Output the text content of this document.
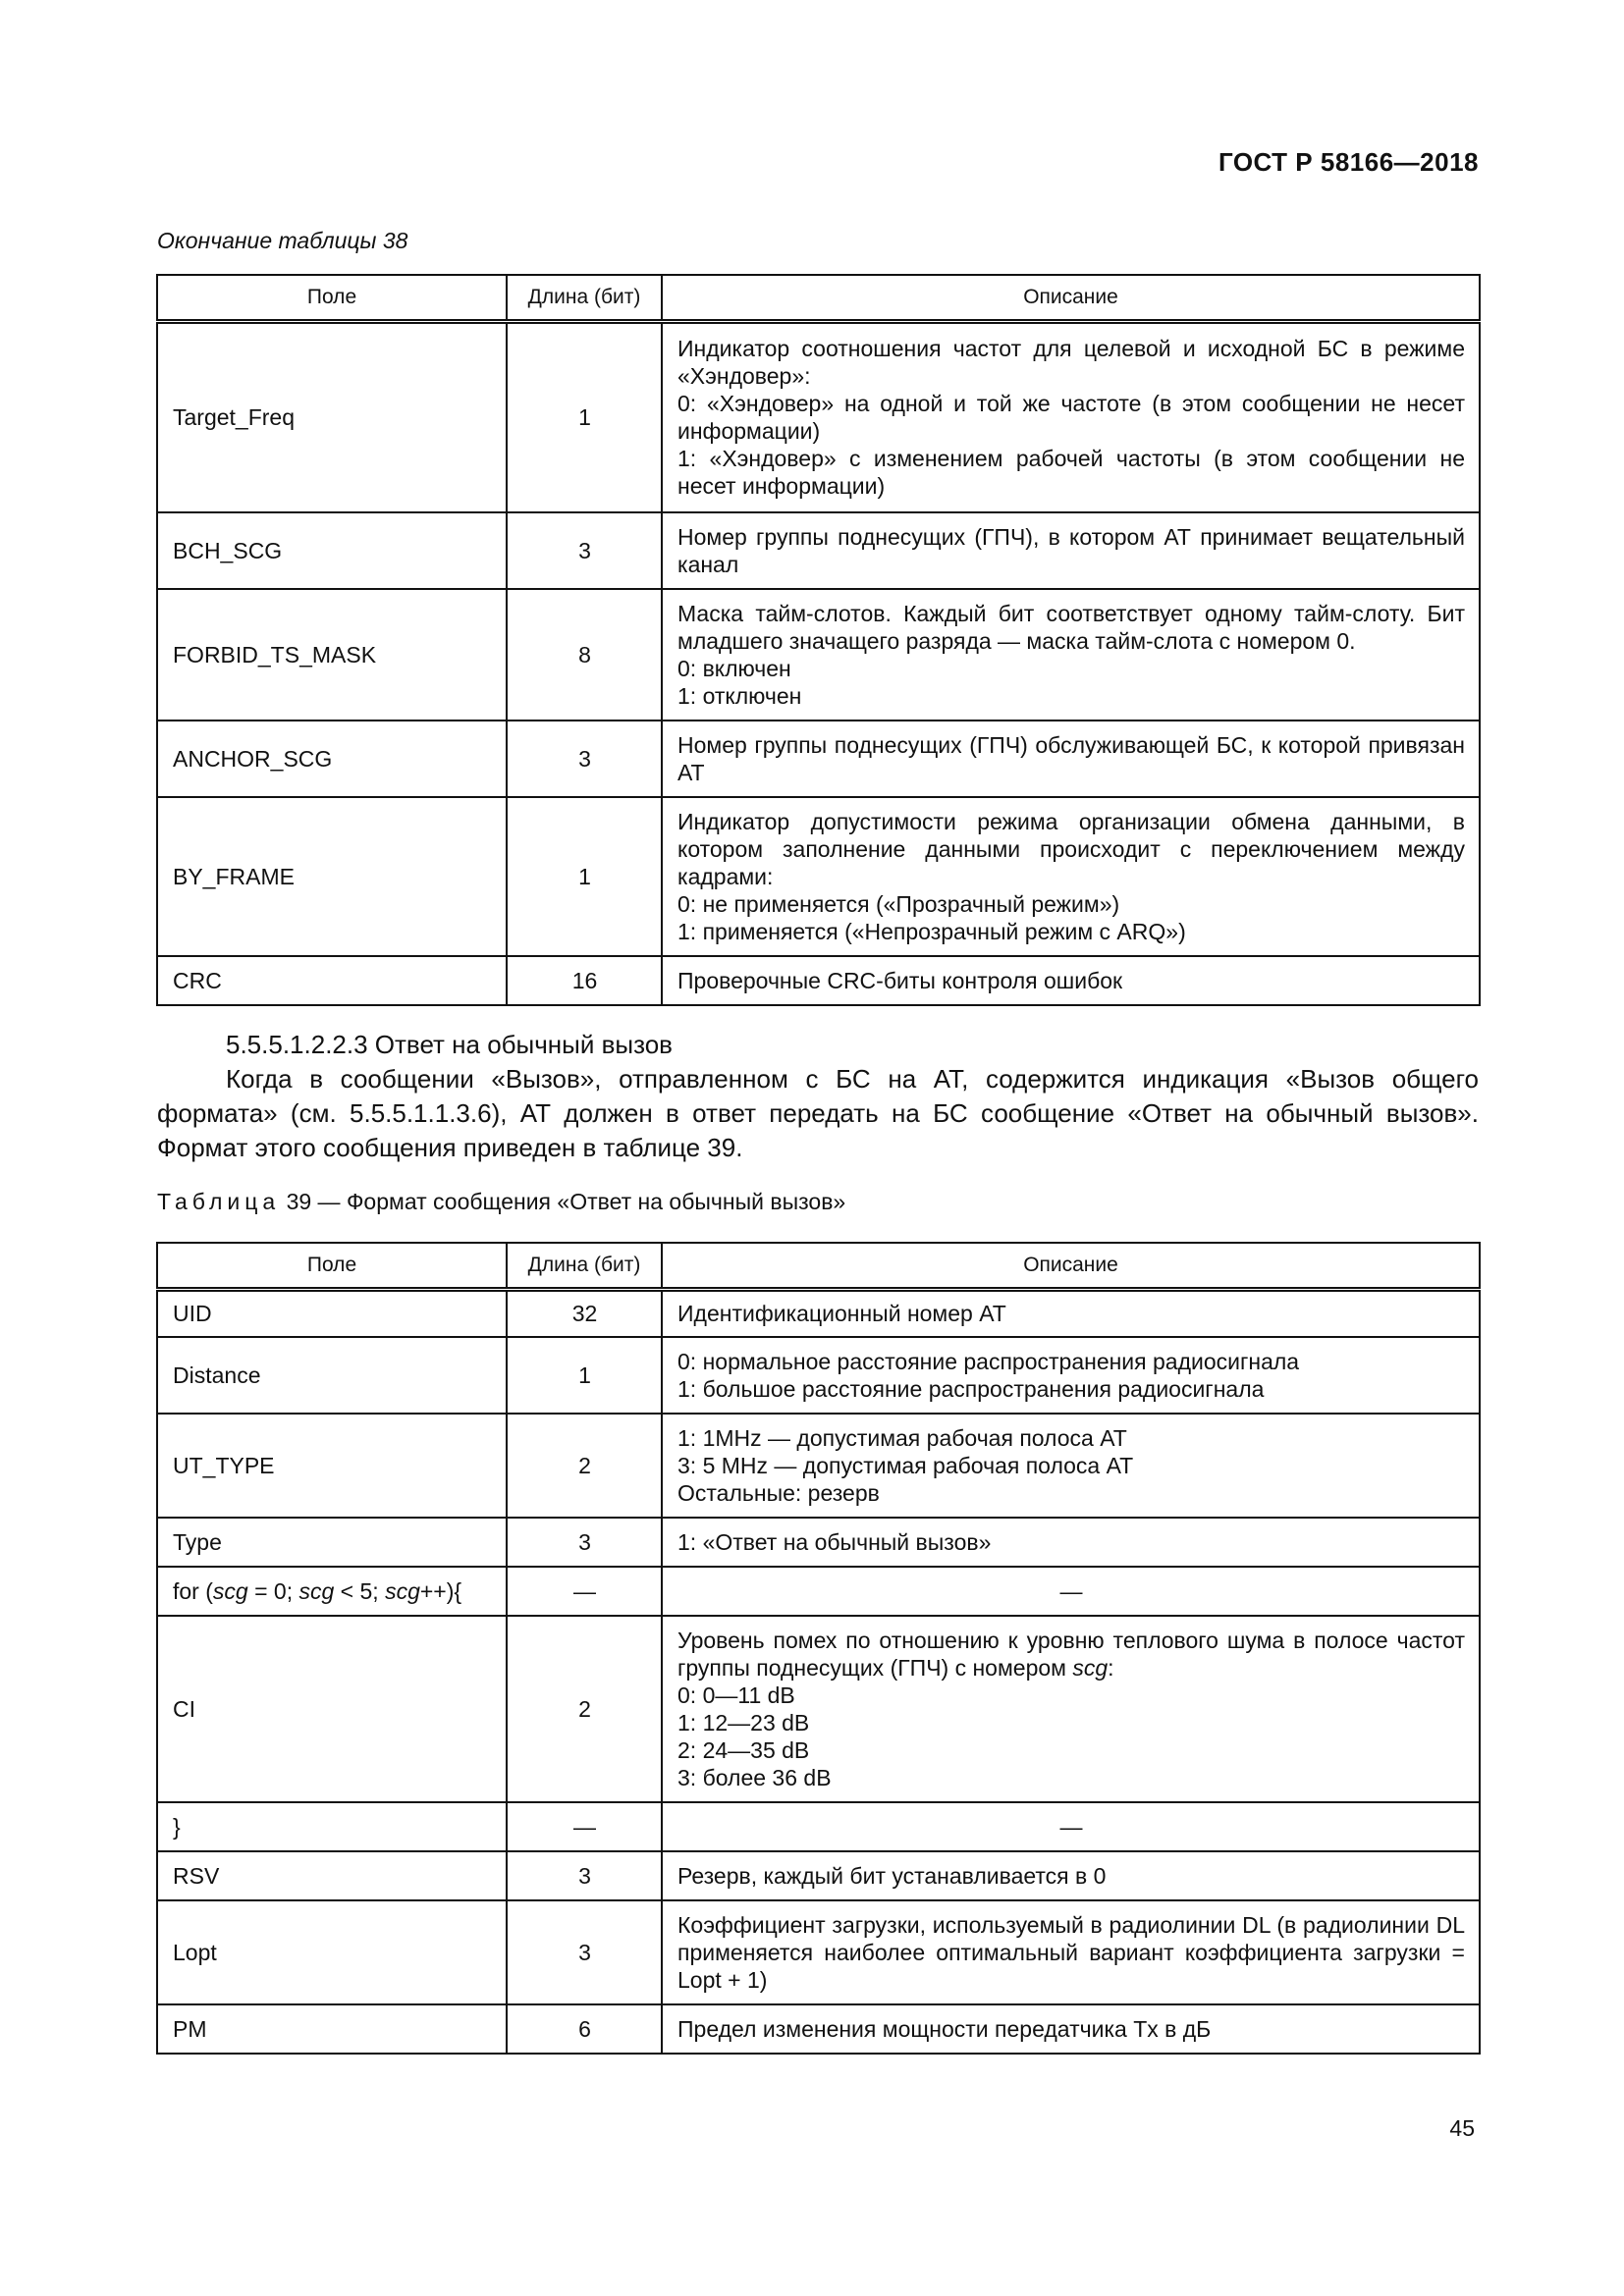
ГОСТ Р 58166—2018
Окончание таблицы 38
Поле	Длина (бит)	Описание
Target_Freq	1	Индикатор соотношения частот для целевой и исходной БС в режиме «Хэндовер»:
0: «Хэндовер» на одной и той же частоте (в этом сообщении не несет информации)
1: «Хэндовер» с изменением рабочей частоты (в этом сообщении не несет информации)
BCH_SCG	3	Номер группы поднесущих (ГПЧ), в котором АТ принимает вещательный канал
FORBID_TS_MASK	8	Маска тайм-слотов. Каждый бит соответствует одному тайм-слоту. Бит младшего значащего разряда — маска тайм-слота с номером 0.
0: включен
1: отключен
ANCHOR_SCG	3	Номер группы поднесущих (ГПЧ) обслуживающей БС, к которой привязан АТ
BY_FRAME	1	Индикатор допустимости режима организации обмена данными, в котором заполнение данными происходит с переключением между кадрами:
0: не применяется («Прозрачный режим»)
1: применяется («Непрозрачный режим с ARQ»)
CRC	16	Проверочные CRC-биты контроля ошибок
5.5.5.1.2.2.3 Ответ на обычный вызов
Когда в сообщении «Вызов», отправленном с БС на АТ, содержится индикация «Вызов общего формата» (см. 5.5.5.1.1.3.6), АТ должен в ответ передать на БС сообщение «Ответ на обычный вызов». Формат этого сообщения приведен в таблице 39.
Таблица 39 — Формат сообщения «Ответ на обычный вызов»
Поле	Длина (бит)	Описание
UID	32	Идентификационный номер АТ
Distance	1	0: нормальное расстояние распространения радиосигнала
1: большое расстояние распространения радиосигнала
UT_TYPE	2	1: 1MHz — допустимая рабочая полоса АТ
3: 5 MHz — допустимая рабочая полоса АТ
Остальные: резерв
Type	3	1: «Ответ на обычный вызов»
for (scg = 0; scg < 5; scg++){	—	—
CI	2	Уровень помех по отношению к уровню теплового шума в полосе частот группы поднесущих (ГПЧ) с номером scg:
0: 0—11 dB
1: 12—23 dB
2: 24—35 dB
3: более 36 dB
}	—	—
RSV	3	Резерв, каждый бит устанавливается в 0
Lopt	3	Коэффициент загрузки, используемый в радиолинии DL (в радиолинии DL применяется наиболее оптимальный вариант коэффициента загрузки = Lopt + 1)
PM	6	Предел изменения мощности передатчика Tx в дБ
45
